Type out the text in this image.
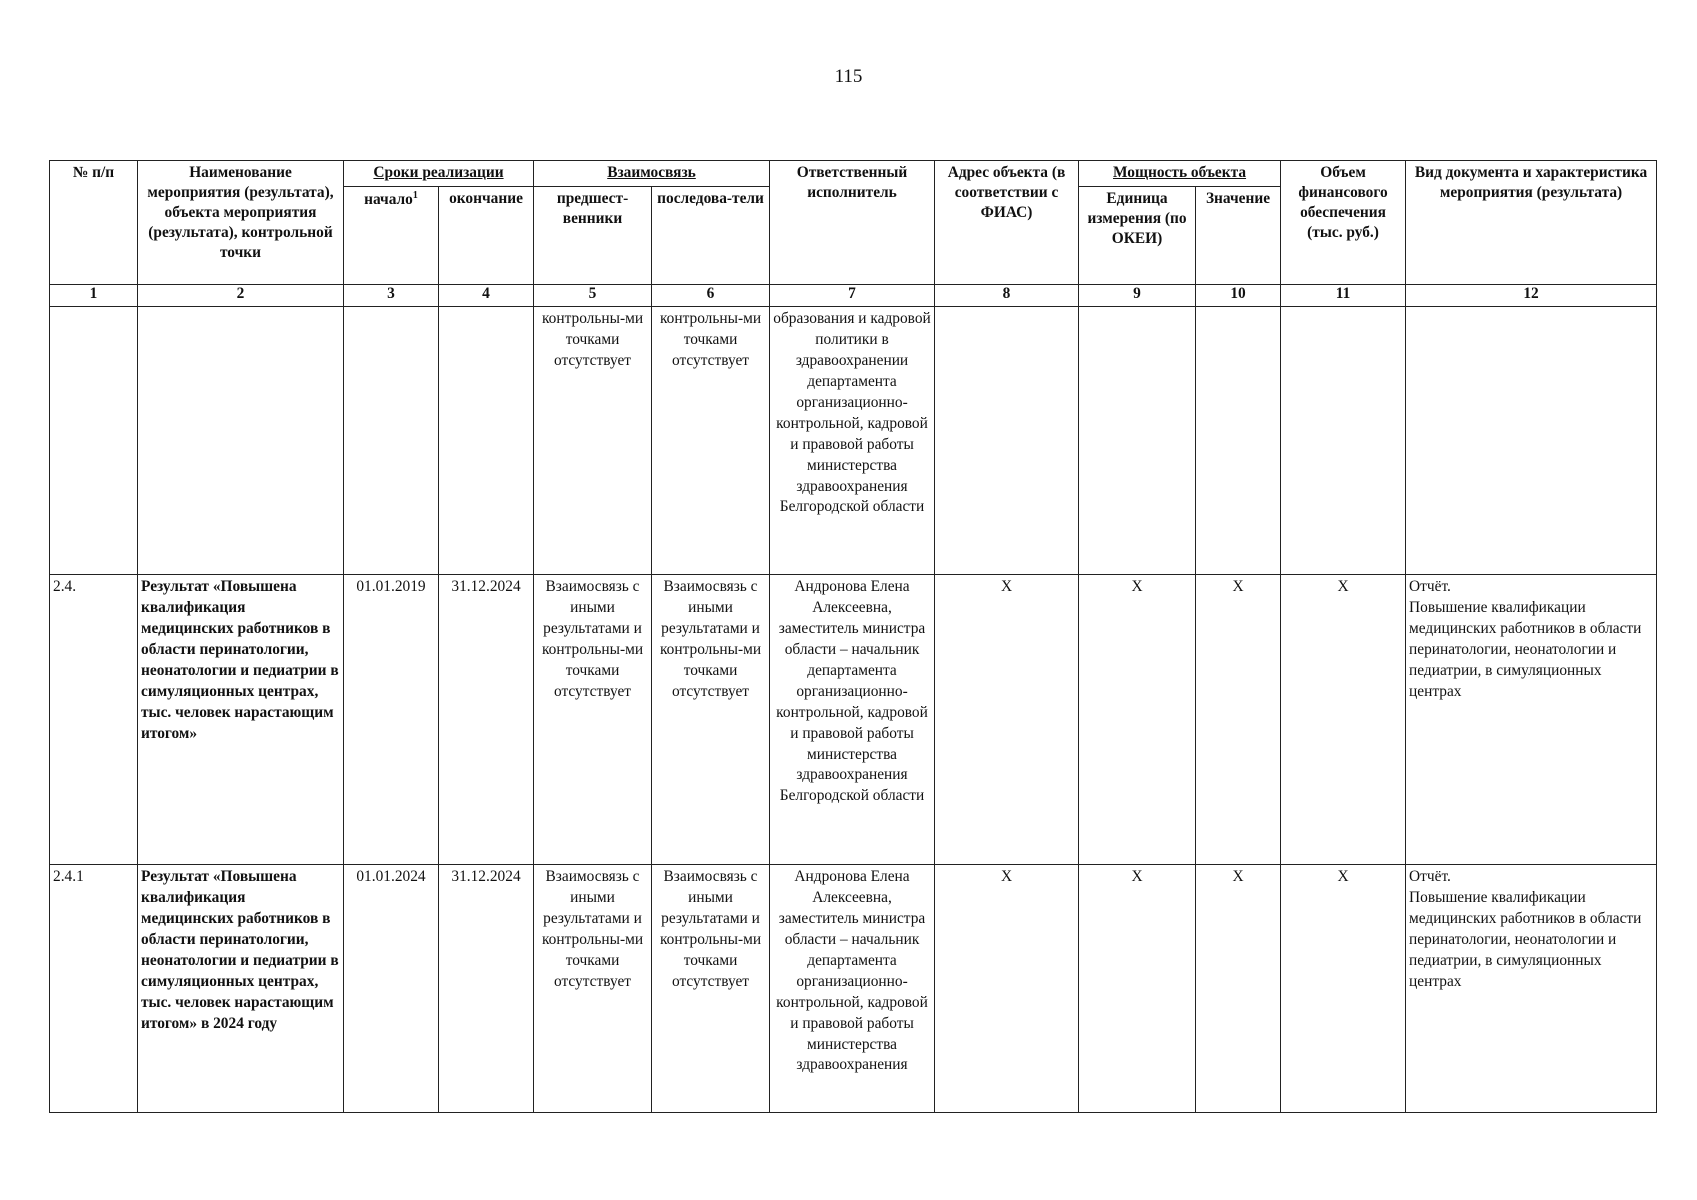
115
№ п/п	Наименование мероприятия (результата), объекта мероприятия (результата), контрольной точки	Сроки реализации		Взаимосвязь		Ответственный исполнитель	Адрес объекта (в соответствии с ФИАС)	Мощность объекта		Объем финансового обеспечения (тыс. руб.)	Вид документа и характеристика мероприятия (результата)
		начало$^1$	окончание	предшест-венники	последова-тели			Единица измерения (по ОКЕИ)	Значение		
1	2	3	4	5	6	7	8	9	10	11	12
				контрольны-ми точками отсутствует	контрольны-ми точками отсутствует	образования и кадровой политики в здравоохранении департамента организационно-контрольной, кадровой и правовой работы министерства здравоохранения Белгородской области					
2.4.	Результат «Повышена квалификация медицинских работников в области перинатологии, неонатологии и педиатрии в симуляционных центрах, тыс. человек нарастающим итогом»	01.01.2019	31.12.2024	Взаимосвязь с иными результатами и контрольны-ми точками отсутствует	Взаимосвязь с иными результатами и контрольны-ми точками отсутствует	Андронова Елена Алексеевна, заместитель министра области – начальник департамента организационно-контрольной, кадровой и правовой работы министерства здравоохранения Белгородской области	Х	Х	Х	Х	Отчёт.
Повышение квалификации медицинских работников в области перинатологии, неонатологии и педиатрии, в симуляционных центрах

2.4.1	Результат «Повышена квалификация медицинских работников в области перинатологии, неонатологии и педиатрии в симуляционных центрах, тыс. человек нарастающим итогом» в 2024 году	01.01.2024	31.12.2024	Взаимосвязь с иными результатами и контрольны-ми точками отсутствует	Взаимосвязь с иными результатами и контрольны-ми точками отсутствует	Андронова Елена Алексеевна, заместитель министра области – начальник департамента организационно-контрольной, кадровой и правовой работы министерства здравоохранения	Х	Х	Х	Х	Отчёт.
Повышение квалификации медицинских работников в области перинатологии, неонатологии и педиатрии, в симуляционных центрах
